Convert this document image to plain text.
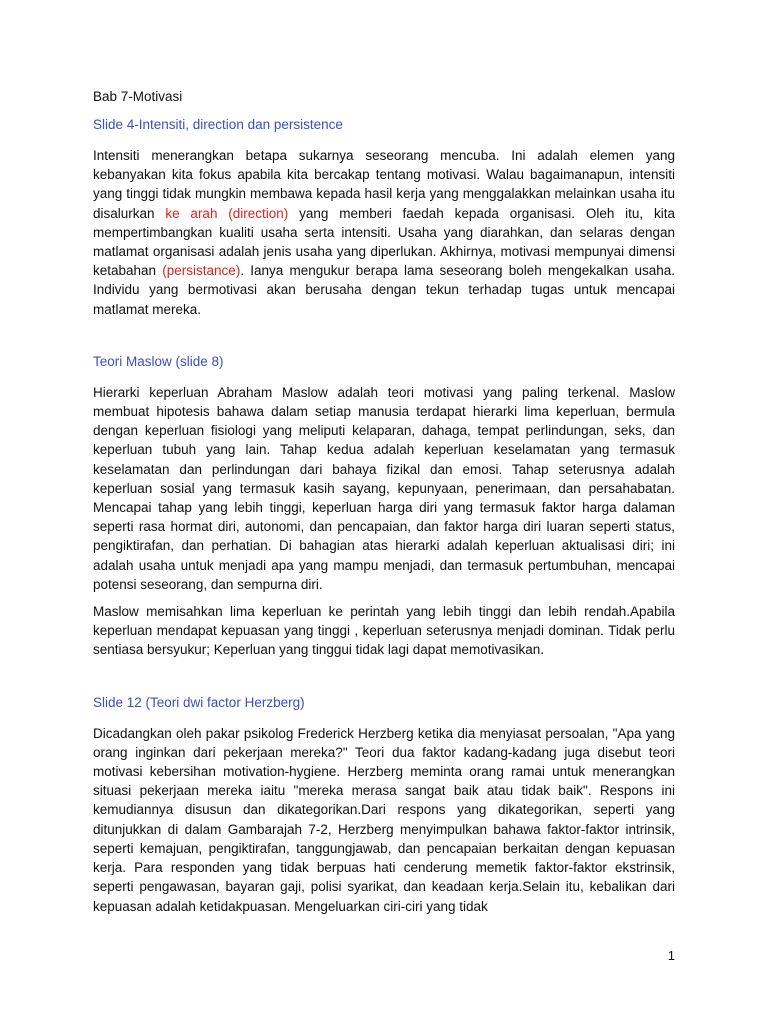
Bab 7-Motivasi
Slide 4-Intensiti, direction dan persistence

Intensiti menerangkan betapa sukarnya seseorang mencuba. Ini adalah elemen yang kebanyakan kita fokus apabila kita bercakap tentang motivasi. Walau bagaimanapun, intensiti yang tinggi tidak mungkin membawa kepada hasil kerja yang menggalakkan melainkan usaha itu disalurkan ke arah (direction) yang memberi faedah kepada organisasi. Oleh itu, kita mempertimbangkan kualiti usaha serta intensiti. Usaha yang diarahkan, dan selaras dengan matlamat organisasi adalah jenis usaha yang diperlukan. Akhirnya, motivasi mempunyai dimensi ketabahan (persistance). Ianya mengukur berapa lama seseorang boleh mengekalkan usaha. Individu yang bermotivasi akan berusaha dengan tekun terhadap tugas untuk mencapai matlamat mereka.

Teori Maslow (slide 8)

Hierarki keperluan Abraham Maslow adalah teori motivasi yang paling terkenal. Maslow membuat hipotesis bahawa dalam setiap manusia terdapat hierarki lima keperluan, bermula dengan keperluan fisiologi yang meliputi kelaparan, dahaga, tempat perlindungan, seks, dan keperluan tubuh yang lain. Tahap kedua adalah keperluan keselamatan yang termasuk keselamatan dan perlindungan dari bahaya fizikal dan emosi. Tahap seterusnya adalah keperluan sosial yang termasuk kasih sayang, kepunyaan, penerimaan, dan persahabatan. Mencapai tahap yang lebih tinggi, keperluan harga diri yang termasuk faktor harga dalaman seperti rasa hormat diri, autonomi, dan pencapaian, dan faktor harga diri luaran seperti status, pengiktirafan, dan perhatian. Di bahagian atas hierarki adalah keperluan aktualisasi diri; ini adalah usaha untuk menjadi apa yang mampu menjadi, dan termasuk pertumbuhan, mencapai potensi seseorang, dan sempurna diri.

Maslow memisahkan lima keperluan ke perintah yang lebih tinggi dan lebih rendah.Apabila keperluan mendapat kepuasan yang tinggi , keperluan seterusnya menjadi dominan. Tidak perlu sentiasa bersyukur; Keperluan yang tinggui tidak lagi dapat memotivasikan.

Slide 12 (Teori dwi factor Herzberg)

Dicadangkan oleh pakar psikolog Frederick Herzberg ketika dia menyiasat persoalan, "Apa yang orang inginkan dari pekerjaan mereka?" Teori dua faktor kadang-kadang juga disebut teori motivasi kebersihan motivation-hygiene. Herzberg meminta orang ramai untuk menerangkan situasi pekerjaan mereka iaitu "mereka merasa sangat baik atau tidak baik". Respons ini kemudiannya disusun dan dikategorikan.Dari respons yang dikategorikan, seperti yang ditunjukkan di dalam Gambarajah 7-2, Herzberg menyimpulkan bahawa faktor-faktor intrinsik, seperti kemajuan, pengiktirafan, tanggungjawab, dan pencapaian berkaitan dengan kepuasan kerja. Para responden yang tidak berpuas hati cenderung memetik faktor-faktor ekstrinsik, seperti pengawasan, bayaran gaji, polisi syarikat, dan keadaan kerja.Selain itu, kebalikan dari kepuasan adalah ketidakpuasan. Mengeluarkan ciri-ciri yang tidak

1
